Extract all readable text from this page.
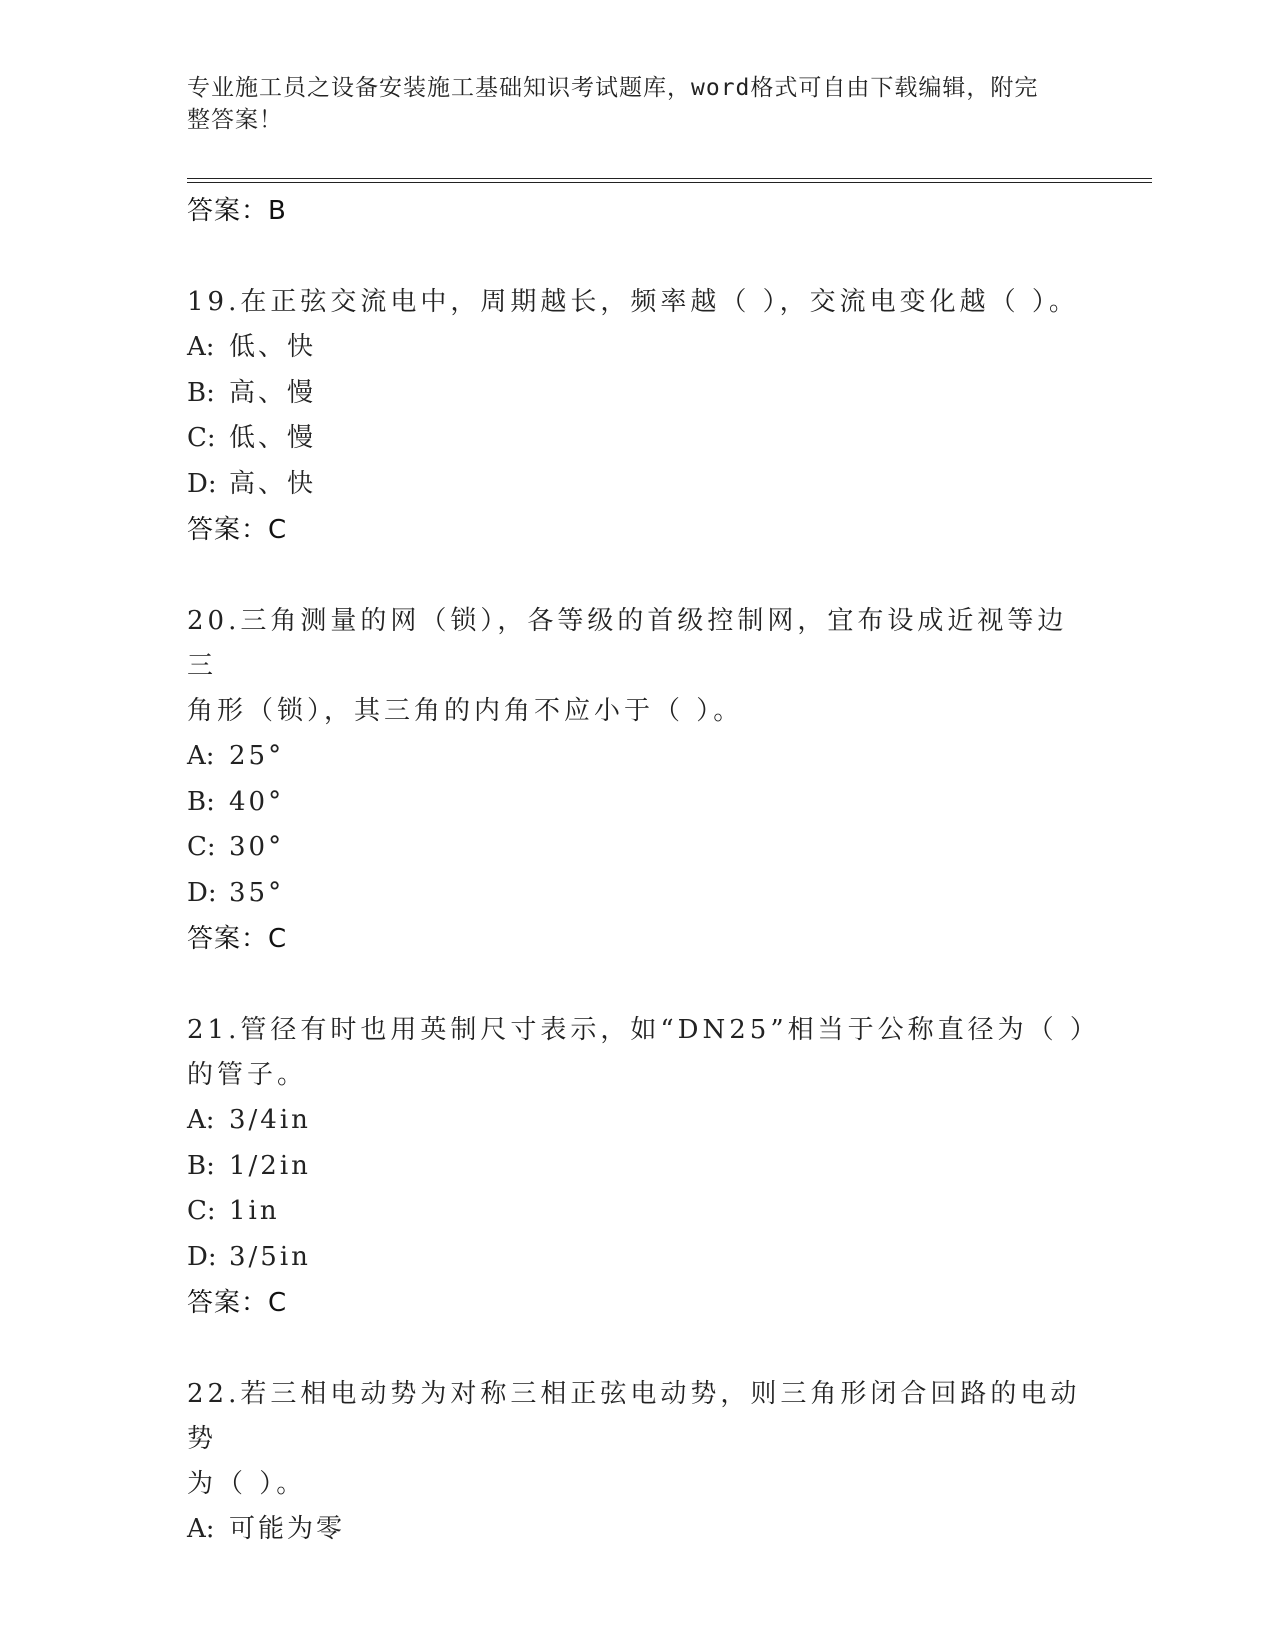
专业施工员之设备安装施工基础知识考试题库，word格式可自由下载编辑，附完
整答案！
答案：B
19.在正弦交流电中，周期越长，频率越（ ），交流电变化越（ ）。
A: 低、快
B: 高、慢
C: 低、慢
D: 高、快
答案：C
20.三角测量的网（锁），各等级的首级控制网，宜布设成近视等边三
角形（锁），其三角的内角不应小于（ ）。
A: 25°
B: 40°
C: 30°
D: 35°
答案：C
21.管径有时也用英制尺寸表示，如“DN25”相当于公称直径为（ ）
的管子。
A: 3/4in
B: 1/2in
C: 1in
D: 3/5in
答案：C
22.若三相电动势为对称三相正弦电动势，则三角形闭合回路的电动势
为（ ）。
A: 可能为零
